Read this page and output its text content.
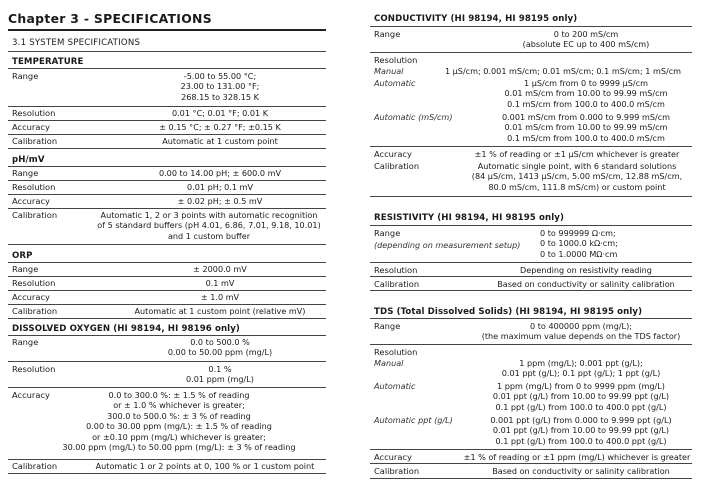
Chapter 3 - SPECIFICATIONS
3.1 SYSTEM SPECIFICATIONS
TEMPERATURE
Range	-5.00 to 55.00 °C;
23.00 to 131.00 °F;
268.15 to 328.15 K
Resolution	0.01 °C; 0.01 °F; 0.01 K
Accuracy	± 0.15 °C; ± 0.27 °F; ±0.15 K
Calibration	Automatic at 1 custom point
pH/mV
Range	0.00 to 14.00 pH; ± 600.0 mV
Resolution	0.01 pH; 0.1 mV
Accuracy	± 0.02 pH; ± 0.5 mV
Calibration	Automatic 1, 2 or 3 points with automatic recognition
of 5 standard buffers (pH 4.01, 6.86, 7.01, 9.18, 10.01)
and 1 custom buffer
ORP
Range	± 2000.0 mV
Resolution	0.1 mV
Accuracy	± 1.0 mV
Calibration	Automatic at 1 custom point (relative mV)
DISSOLVED OXYGEN (HI 98194, HI 98196 only)
Range	0.0 to 500.0 %
0.00 to 50.00 ppm (mg/L)
Resolution	0.1 %
0.01 ppm (mg/L)
Accuracy	0.0 to 300.0 %: ± 1.5 % of reading
or ± 1.0 % whichever is greater;
300.0 to 500.0 %: ± 3 % of reading
0.00 to 30.00 ppm (mg/L): ± 1.5 % of reading
or ±0.10 ppm (mg/L) whichever is greater;
30.00 ppm (mg/L) to 50.00 ppm (mg/L): ± 3 % of reading
Calibration	Automatic 1 or 2 points at 0, 100 % or 1 custom point
CONDUCTIVITY (HI 98194, HI 98195 only)
Range	0 to 200 mS/cm
(absolute EC up to 400 mS/cm)
Resolution
Manual	1 µS/cm; 0.001 mS/cm; 0.01 mS/cm; 0.1 mS/cm; 1 mS/cm
Automatic	1 µS/cm from 0 to 9999 µS/cm
0.01 mS/cm from 10.00 to 99.99 mS/cm
0.1 mS/cm from 100.0 to 400.0 mS/cm
Automatic (mS/cm)	0.001 mS/cm from 0.000 to 9.999 mS/cm
0.01 mS/cm from 10.00 to 99.99 mS/cm
0.1 mS/cm from 100.0 to 400.0 mS/cm
Accuracy	±1 % of reading or ±1 µS/cm whichever is greater
Calibration	Automatic single point, with 6 standard solutions
(84 µS/cm, 1413 µS/cm, 5.00 mS/cm, 12.88 mS/cm,
80.0 mS/cm, 111.8 mS/cm) or custom point
RESISTIVITY (HI 98194, HI 98195 only)
Range
(depending on measurement setup)
0 to 999999 Ω·cm;
0 to 1000.0 kΩ·cm;
0 to 1.0000 MΩ·cm
Resolution	Depending on resistivity reading
Calibration	Based on conductivity or salinity calibration
TDS (Total Dissolved Solids) (HI 98194, HI 98195 only)
Range	0 to 400000 ppm (mg/L);
(the maximum value depends on the TDS factor)
Resolution
Manual	1 ppm (mg/L); 0.001 ppt (g/L);
0.01 ppt (g/L); 0.1 ppt (g/L); 1 ppt (g/L)
Automatic	1 ppm (mg/L) from 0 to 9999 ppm (mg/L)
0.01 ppt (g/L) from 10.00 to 99.99 ppt (g/L)
0.1 ppt (g/L) from 100.0 to 400.0 ppt (g/L)
Automatic ppt (g/L)	0.001 ppt (g/L) from 0.000 to 9.999 ppt (g/L)
0.01 ppt (g/L) from 10.00 to 99.99 ppt (g/L)
0.1 ppt (g/L) from 100.0 to 400.0 ppt (g/L)
Accuracy	±1 % of reading or ±1 ppm (mg/L) whichever is greater
Calibration	Based on conductivity or salinity calibration
